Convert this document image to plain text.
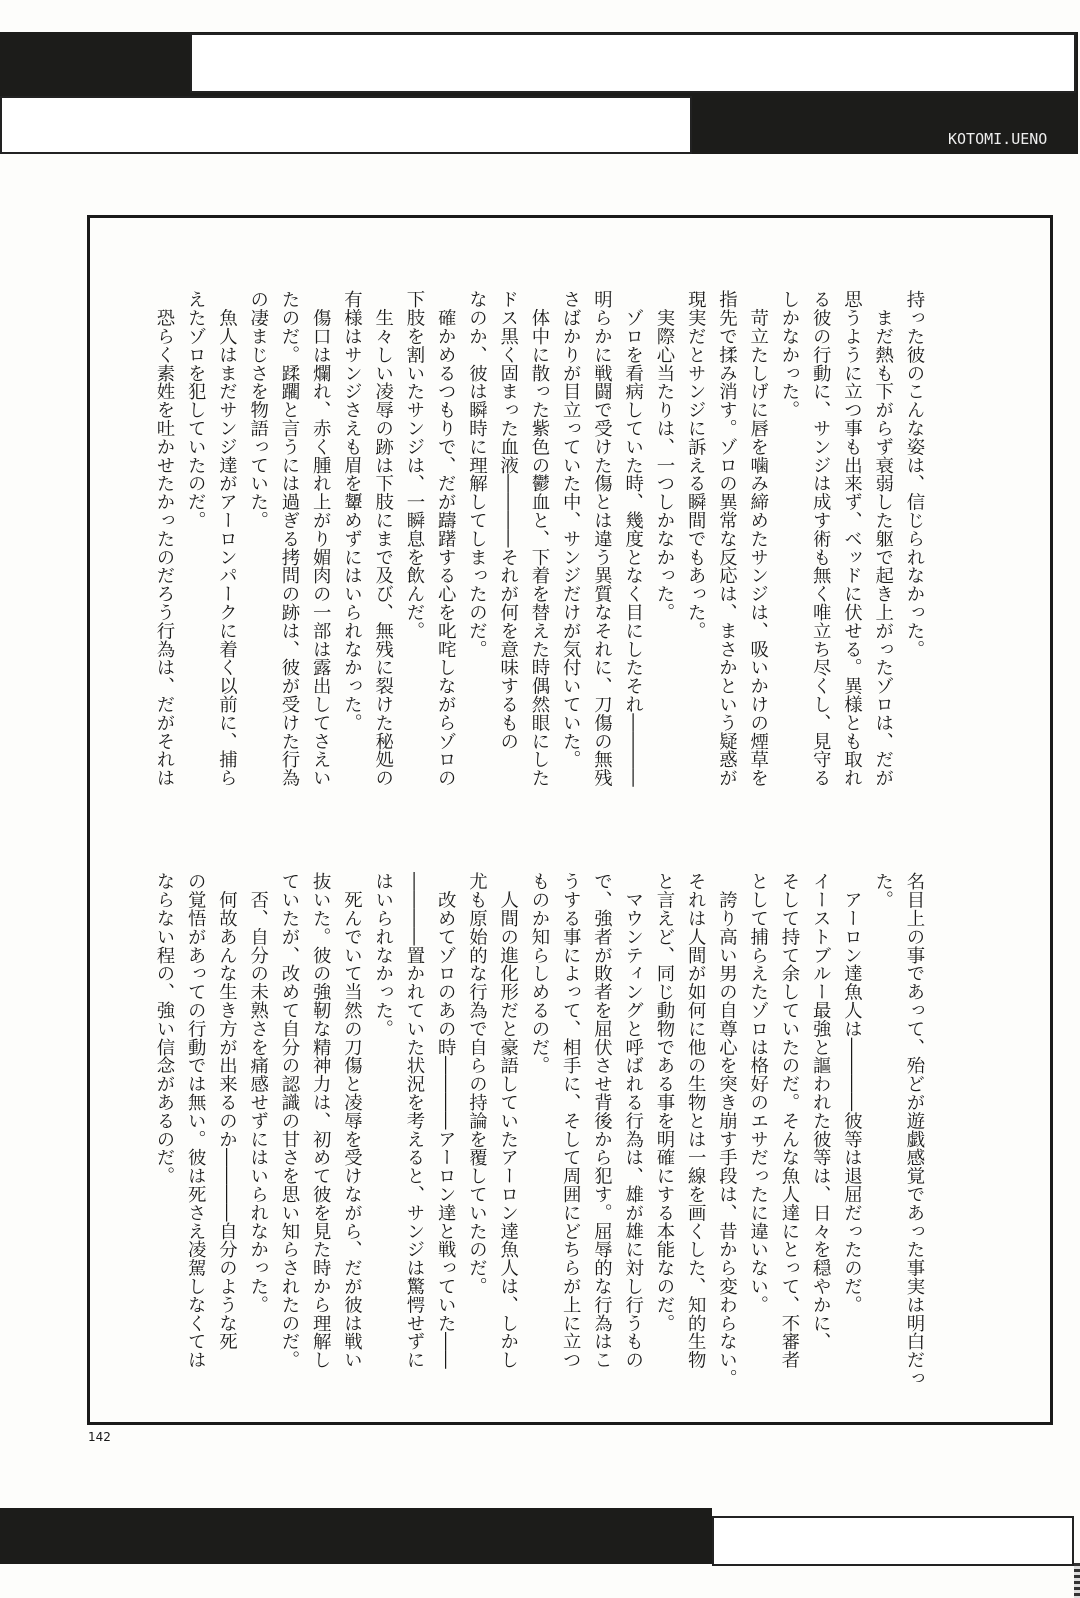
KOTOMI.UENO
持った彼のこんな姿は、信じられなかった。
　まだ熱も下がらず衰弱した躯で起き上がったゾロは、だが
思うように立つ事も出来ず、ベッドに伏せる。異様とも取れ
る彼の行動に、サンジは成す術も無く唯立ち尽くし、見守る
しかなかった。
　苛立たしげに唇を噛み締めたサンジは、吸いかけの煙草を
指先で揉み消す。ゾロの異常な反応は、まさかという疑惑が
現実だとサンジに訴える瞬間でもあった。
　実際心当たりは、一つしかなかった。
　ゾロを看病していた時、幾度となく目にしたそれ――――
明らかに戦闘で受けた傷とは違う異質なそれに、刀傷の無残
さばかりが目立っていた中、サンジだけが気付いていた。
　体中に散った紫色の鬱血と、下着を替えた時偶然眼にした
ドス黒く固まった血液――――それが何を意味するもの
なのか、彼は瞬時に理解してしまったのだ。
　確かめるつもりで、だが躊躇する心を叱咤しながらゾロの
下肢を割いたサンジは、一瞬息を飲んだ。
　生々しい凌辱の跡は下肢にまで及び、無残に裂けた秘処の
有様はサンジさえも眉を顰めずにはいられなかった。
　傷口は爛れ、赤く腫れ上がり媚肉の一部は露出してさえい
たのだ。蹂躙と言うには過ぎる拷問の跡は、彼が受けた行為
の凄まじさを物語っていた。
　魚人はまだサンジ達がアーロンパークに着く以前に、捕ら
えたゾロを犯していたのだ。
　恐らく素姓を吐かせたかったのだろう行為は、だがそれは
名目上の事であって、殆どが遊戯感覚であった事実は明白だっ
た。
　アーロン達魚人は――――彼等は退屈だったのだ。
イーストブルー最強と謳われた彼等は、日々を穏やかに、
そして持て余していたのだ。そんな魚人達にとって、不審者
として捕らえたゾロは格好のエサだったに違いない。
　誇り高い男の自尊心を突き崩す手段は、昔から変わらない。
それは人間が如何に他の生物とは一線を画くした、知的生物
と言えど、同じ動物である事を明確にする本能なのだ。
　マウンティングと呼ばれる行為は、雄が雄に対し行うもの
で、強者が敗者を屈伏させ背後から犯す。屈辱的な行為はこ
うする事によって、相手に、そして周囲にどちらが上に立つ
ものか知らしめるのだ。
　人間の進化形だと豪語していたアーロン達魚人は、しかし
尤も原始的な行為で自らの持論を覆していたのだ。
　改めてゾロのあの時――――アーロン達と戦っていた――
――――置かれていた状況を考えると、サンジは驚愕せずに
はいられなかった。
　死んでいて当然の刀傷と凌辱を受けながら、だが彼は戦い
抜いた。彼の強靭な精神力は、初めて彼を見た時から理解し
ていたが、改めて自分の認識の甘さを思い知らされたのだ。
　否、自分の未熟さを痛感せずにはいられなかった。
　何故あんな生き方が出来るのか――――自分のような死
の覚悟があっての行動では無い。彼は死さえ凌駕しなくては
ならない程の、強い信念があるのだ。
142
